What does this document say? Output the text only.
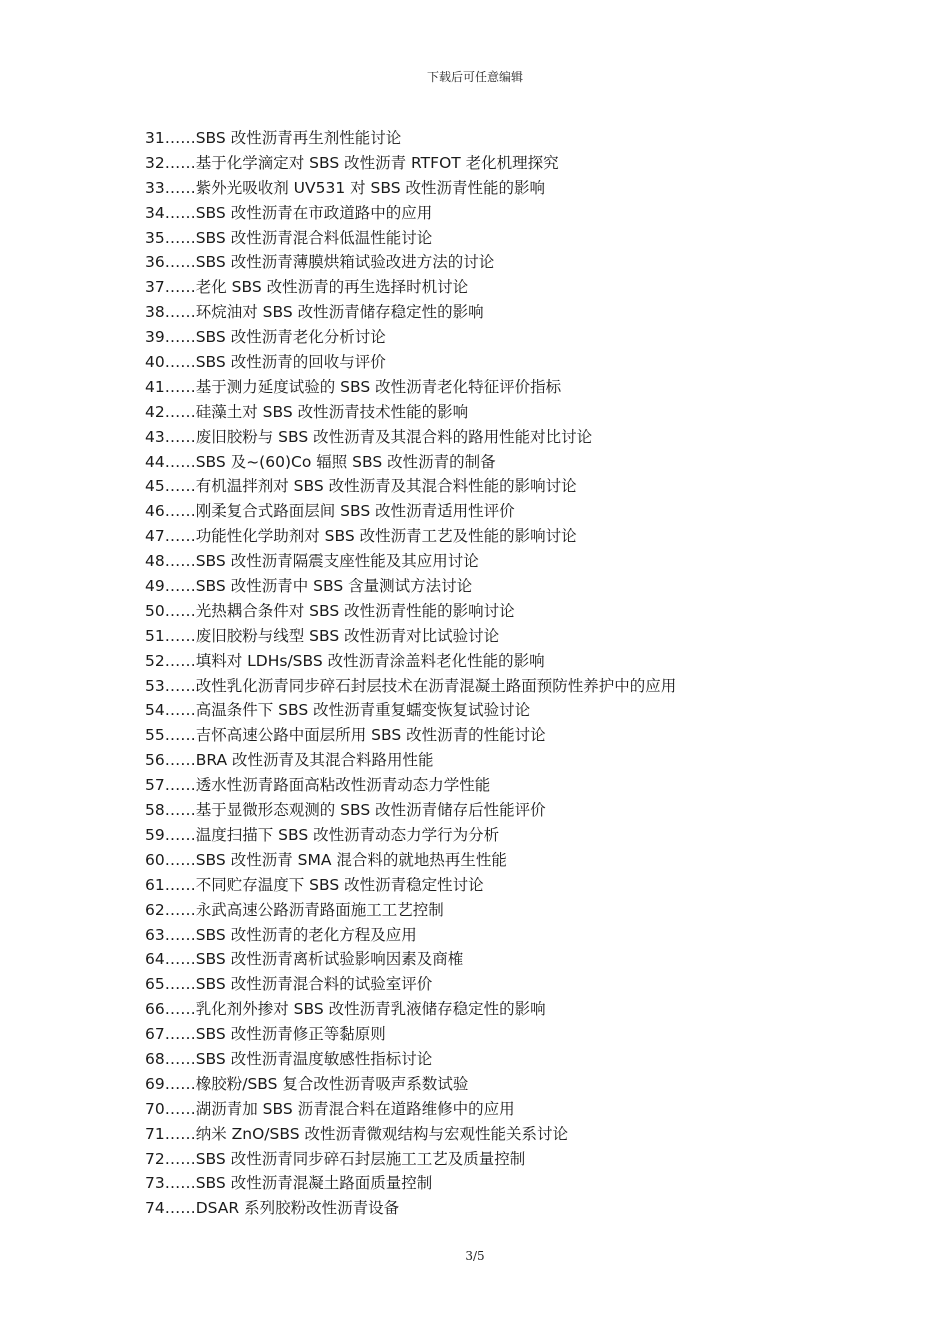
下载后可任意编辑
31……SBS 改性沥青再生剂性能讨论
32……基于化学滴定对 SBS 改性沥青 RTFOT 老化机理探究
33……紫外光吸收剂 UV531 对 SBS 改性沥青性能的影响
34……SBS 改性沥青在市政道路中的应用
35……SBS 改性沥青混合料低温性能讨论
36……SBS 改性沥青薄膜烘箱试验改进方法的讨论
37……老化 SBS 改性沥青的再生选择时机讨论
38……环烷油对 SBS 改性沥青储存稳定性的影响
39……SBS 改性沥青老化分析讨论
40……SBS 改性沥青的回收与评价
41……基于测力延度试验的 SBS 改性沥青老化特征评价指标
42……硅藻土对 SBS 改性沥青技术性能的影响
43……废旧胶粉与 SBS 改性沥青及其混合料的路用性能对比讨论
44……SBS 及~(60)Co 辐照 SBS 改性沥青的制备
45……有机温拌剂对 SBS 改性沥青及其混合料性能的影响讨论
46……刚柔复合式路面层间 SBS 改性沥青适用性评价
47……功能性化学助剂对 SBS 改性沥青工艺及性能的影响讨论
48……SBS 改性沥青隔震支座性能及其应用讨论
49……SBS 改性沥青中 SBS 含量测试方法讨论
50……光热耦合条件对 SBS 改性沥青性能的影响讨论
51……废旧胶粉与线型 SBS 改性沥青对比试验讨论
52……填料对 LDHs/SBS 改性沥青涂盖料老化性能的影响
53……改性乳化沥青同步碎石封层技术在沥青混凝土路面预防性养护中的应用
54……高温条件下 SBS 改性沥青重复蠕变恢复试验讨论
55……吉怀高速公路中面层所用 SBS 改性沥青的性能讨论
56……BRA 改性沥青及其混合料路用性能
57……透水性沥青路面高粘改性沥青动态力学性能
58……基于显微形态观测的 SBS 改性沥青储存后性能评价
59……温度扫描下 SBS 改性沥青动态力学行为分析
60……SBS 改性沥青 SMA 混合料的就地热再生性能
61……不同贮存温度下 SBS 改性沥青稳定性讨论
62……永武高速公路沥青路面施工工艺控制
63……SBS 改性沥青的老化方程及应用
64……SBS 改性沥青离析试验影响因素及商榷
65……SBS 改性沥青混合料的试验室评价
66……乳化剂外掺对 SBS 改性沥青乳液储存稳定性的影响
67……SBS 改性沥青修正等黏原则
68……SBS 改性沥青温度敏感性指标讨论
69……橡胶粉/SBS 复合改性沥青吸声系数试验
70……湖沥青加 SBS 沥青混合料在道路维修中的应用
71……纳米 ZnO/SBS 改性沥青微观结构与宏观性能关系讨论
72……SBS 改性沥青同步碎石封层施工工艺及质量控制
73……SBS 改性沥青混凝土路面质量控制
74……DSAR 系列胶粉改性沥青设备
3/5
